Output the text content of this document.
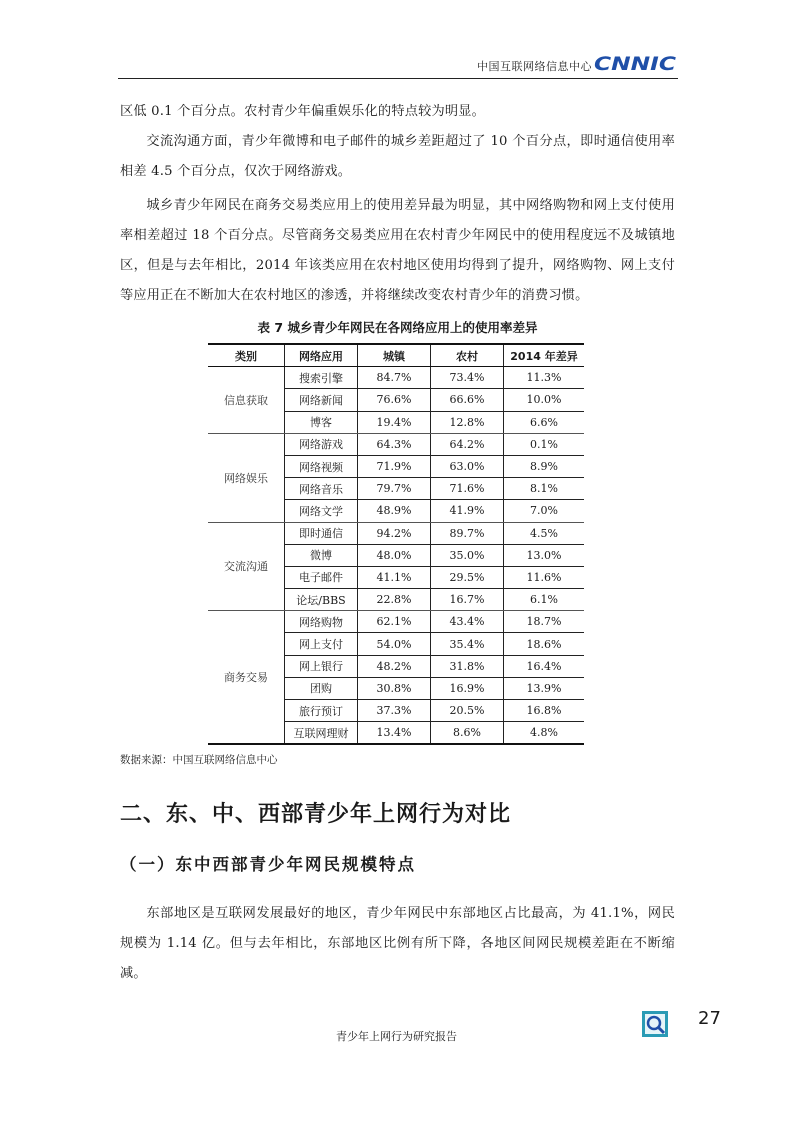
中国互联网络信息中心 CNNIC

区低 0.1 个百分点。农村青少年偏重娱乐化的特点较为明显。

交流沟通方面，青少年微博和电子邮件的城乡差距超过了 10 个百分点，即时通信使用率相差 4.5 个百分点，仅次于网络游戏。

城乡青少年网民在商务交易类应用上的使用差异最为明显，其中网络购物和网上支付使用率相差超过 18 个百分点。尽管商务交易类应用在农村青少年网民中的使用程度远不及城镇地区，但是与去年相比，2014 年该类应用在农村地区使用均得到了提升，网络购物、网上支付等应用正在不断加大在农村地区的渗透，并将继续改变农村青少年的消费习惯。

表 7 城乡青少年网民在各网络应用上的使用率差异
类别	网络应用	城镇	农村	2014 年差异
信息获取	搜索引擎	84.7%	73.4%	11.3%
	网络新闻	76.6%	66.6%	10.0%
	博客	19.4%	12.8%	6.6%
网络娱乐	网络游戏	64.3%	64.2%	0.1%
	网络视频	71.9%	63.0%	8.9%
	网络音乐	79.7%	71.6%	8.1%
	网络文学	48.9%	41.9%	7.0%
交流沟通	即时通信	94.2%	89.7%	4.5%
	微博	48.0%	35.0%	13.0%
	电子邮件	41.1%	29.5%	11.6%
	论坛/BBS	22.8%	16.7%	6.1%
商务交易	网络购物	62.1%	43.4%	18.7%
	网上支付	54.0%	35.4%	18.6%
	网上银行	48.2%	31.8%	16.4%
	团购	30.8%	16.9%	13.9%
	旅行预订	37.3%	20.5%	16.8%
	互联网理财	13.4%	8.6%	4.8%
数据来源：中国互联网络信息中心
二、东、中、西部青少年上网行为对比
（一）东中西部青少年网民规模特点

东部地区是互联网发展最好的地区，青少年网民中东部地区占比最高，为 41.1%，网民规模为 1.14 亿。但与去年相比，东部地区比例有所下降，各地区间网民规模差距在不断缩减。

27
青少年上网行为研究报告
